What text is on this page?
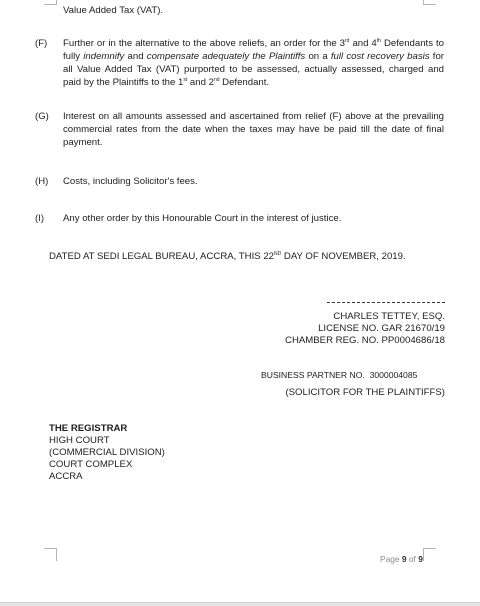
Value Added Tax (VAT).
(F) Further or in the alternative to the above reliefs, an order for the 3rd and 4th Defendants to fully indemnify and compensate adequately the Plaintiffs on a full cost recovery basis for all Value Added Tax (VAT) purported to be assessed, actually assessed, charged and paid by the Plaintiffs to the 1st and 2nd Defendant.
(G) Interest on all amounts assessed and ascertained from relief (F) above at the prevailing commercial rates from the date when the taxes may have be paid till the date of final payment.
(H) Costs, including Solicitor's fees.
(I) Any other order by this Honourable Court in the interest of justice.
DATED AT SEDI LEGAL BUREAU, ACCRA, THIS 22ND DAY OF NOVEMBER, 2019.
CHARLES TETTEY, ESQ.
LICENSE NO. GAR 21670/19
CHAMBER REG. NO. PP0004686/18
BUSINESS PARTNER NO. 3000004085
(SOLICITOR FOR THE PLAINTIFFS)
THE REGISTRAR
HIGH COURT
(COMMERCIAL DIVISION)
COURT COMPLEX
ACCRA
Page 9 of 9
